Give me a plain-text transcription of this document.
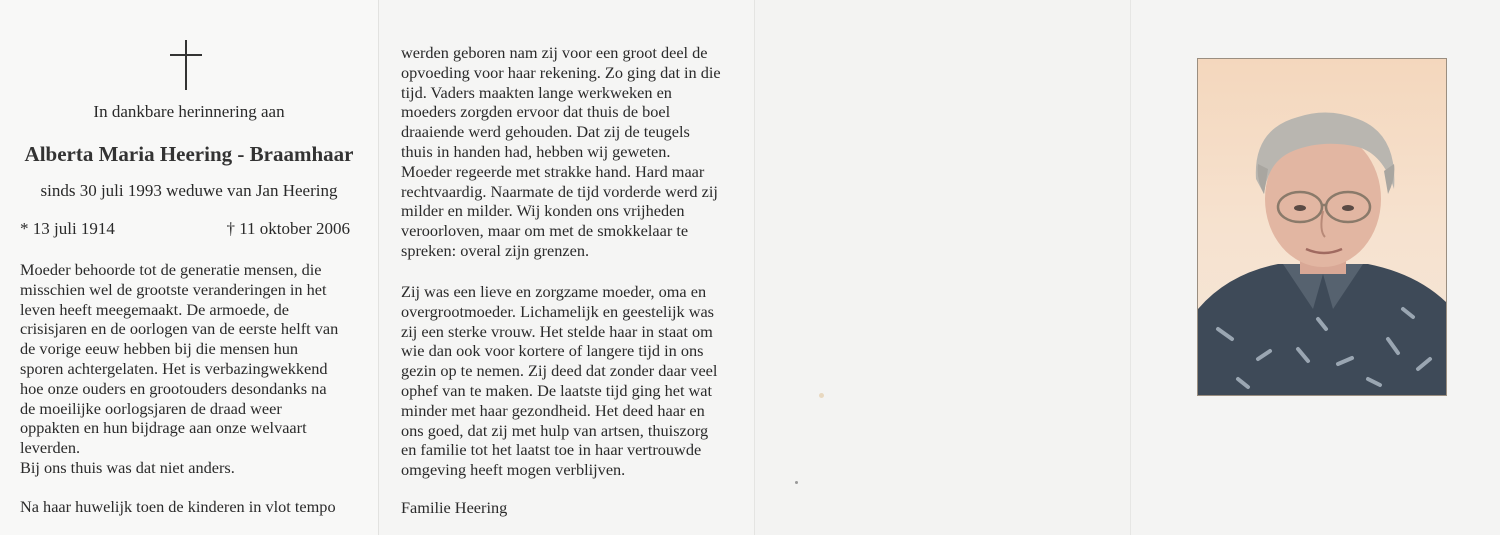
In dankbare herinnering aan
Alberta Maria Heering - Braamhaar
sinds 30 juli 1993 weduwe van Jan Heering
* 13 juli 1914	† 11 oktober 2006

Moeder behoorde tot de generatie mensen, die

misschien wel de grootste veranderingen in het

leven heeft meegemaakt. De armoede, de

crisisjaren en de oorlogen van de eerste helft van

de vorige eeuw hebben bij die mensen hun

sporen achtergelaten. Het is verbazingwekkend

hoe onze ouders en grootouders desondanks na

de moeilijke oorlogsjaren de draad weer

oppakten en hun bijdrage aan onze welvaart

leverden.

Bij ons thuis was dat niet anders.

Na haar huwelijk toen de kinderen in vlot tempo

werden geboren nam zij voor een groot deel de

opvoeding voor haar rekening. Zo ging dat in die

tijd. Vaders maakten lange werkweken en

moeders zorgden ervoor dat thuis de boel

draaiende werd gehouden. Dat zij de teugels

thuis in handen had, hebben wij geweten.

Moeder regeerde met strakke hand. Hard maar

rechtvaardig. Naarmate de tijd vorderde werd zij

milder en milder. Wij konden ons vrijheden

veroorloven, maar om met de smokkelaar te

spreken: overal zijn grenzen.

Zij was een lieve en zorgzame moeder, oma en

overgrootmoeder. Lichamelijk en geestelijk was

zij een sterke vrouw. Het stelde haar in staat om

wie dan ook voor kortere of langere tijd in ons

gezin op te nemen. Zij deed dat zonder daar veel

ophef van te maken. De laatste tijd ging het wat

minder met haar gezondheid. Het deed haar en

ons goed, dat zij met hulp van artsen, thuiszorg

en familie tot het laatst toe in haar vertrouwde

omgeving heeft mogen verblijven.

Familie Heering
